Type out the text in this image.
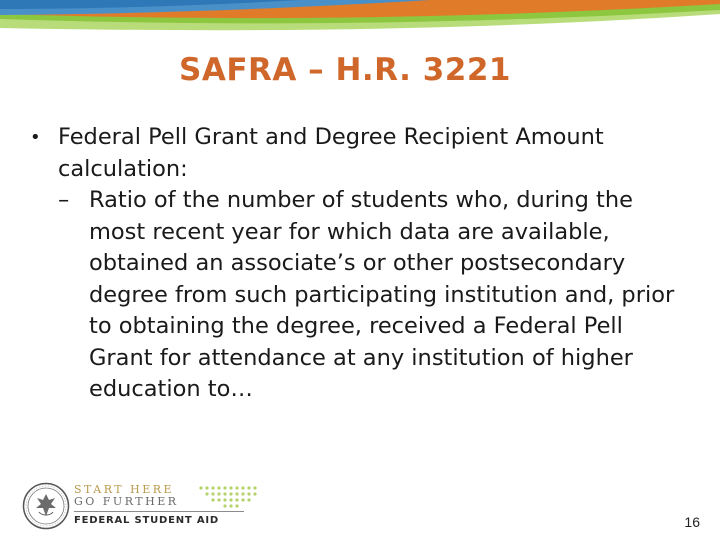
SAFRA – H.R. 3221
• Federal Pell Grant and Degree Recipient Amount calculation:
– Ratio of the number of students who, during the most recent year for which data are available, obtained an associate’s or other postsecondary degree from such participating institution and, prior to obtaining the degree, received a Federal Pell Grant for attendance at any institution of higher education to…
START HERE
GO FURTHER
FEDERAL STUDENT AID	16
